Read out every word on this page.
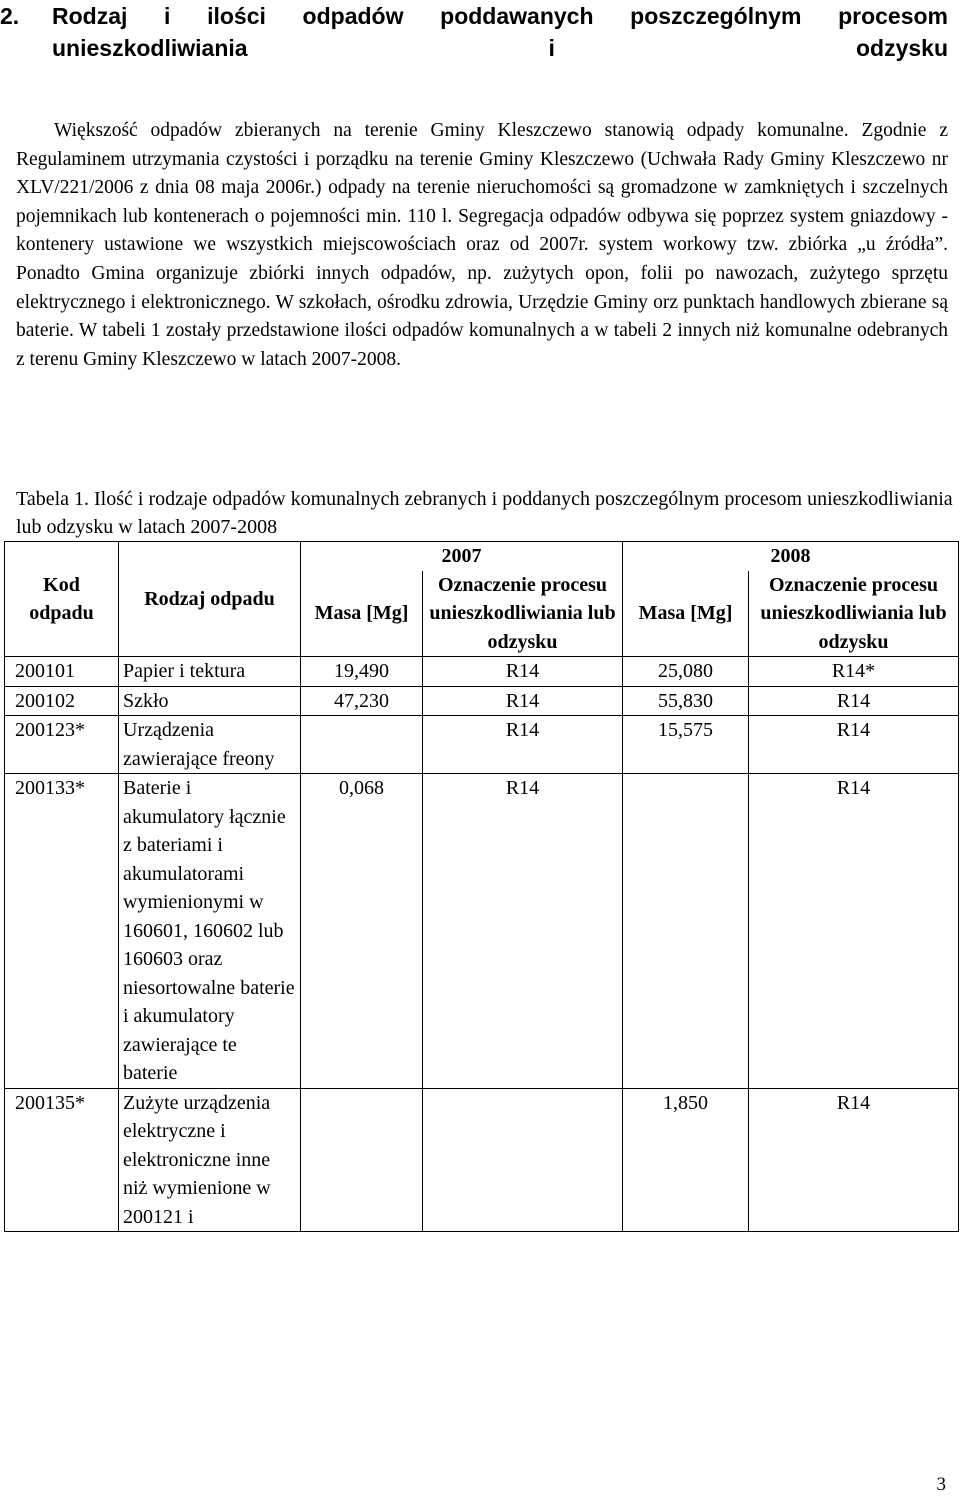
2. Rodzaj i ilości odpadów poddawanych poszczególnym procesom unieszkodliwiania i odzysku

Większość odpadów zbieranych na terenie Gminy Kleszczewo stanowią odpady komunalne. Zgodnie z Regulaminem utrzymania czystości i porządku na terenie Gminy Kleszczewo (Uchwała Rady Gminy Kleszczewo nr XLV/221/2006 z dnia 08 maja 2006r.) odpady na terenie nieruchomości są gromadzone w zamkniętych i szczelnych pojemnikach lub kontenerach o pojemności min. 110 l. Segregacja odpadów odbywa się poprzez system gniazdowy - kontenery ustawione we wszystkich miejscowościach oraz od 2007r. system workowy tzw. zbiórka „u źródła”. Ponadto Gmina organizuje zbiórki innych odpadów, np. zużytych opon, folii po nawozach, zużytego sprzętu elektrycznego i elektronicznego. W szkołach, ośrodku zdrowia, Urzędzie Gminy orz punktach handlowych zbierane są baterie. W tabeli 1 zostały przedstawione ilości odpadów komunalnych a w tabeli 2 innych niż komunalne odebranych z terenu Gminy Kleszczewo w latach 2007-2008.

Tabela 1. Ilość i rodzaje odpadów komunalnych zebranych i poddanych poszczególnym procesom unieszkodliwiania lub odzysku w latach 2007-2008

Kod odpadu	Rodzaj odpadu	2007		2008	
		Masa [Mg]	Oznaczenie procesu unieszkodliwiania lub odzysku	Masa [Mg]	Oznaczenie procesu unieszkodliwiania lub odzysku
200101	Papier i tektura	19,490	R14	25,080	R14*
200102	Szkło	47,230	R14	55,830	R14
200123*	Urządzenia zawierające freony		R14	15,575	R14
200133*	Baterie i akumulatory łącznie z bateriami i akumulatorami wymienionymi w 160601, 160602 lub 160603 oraz niesortowalne baterie i akumulatory zawierające te baterie	0,068	R14		R14
200135*	Zużyte urządzenia elektryczne i elektroniczne inne niż wymienione w 200121 i			1,850	R14
3
